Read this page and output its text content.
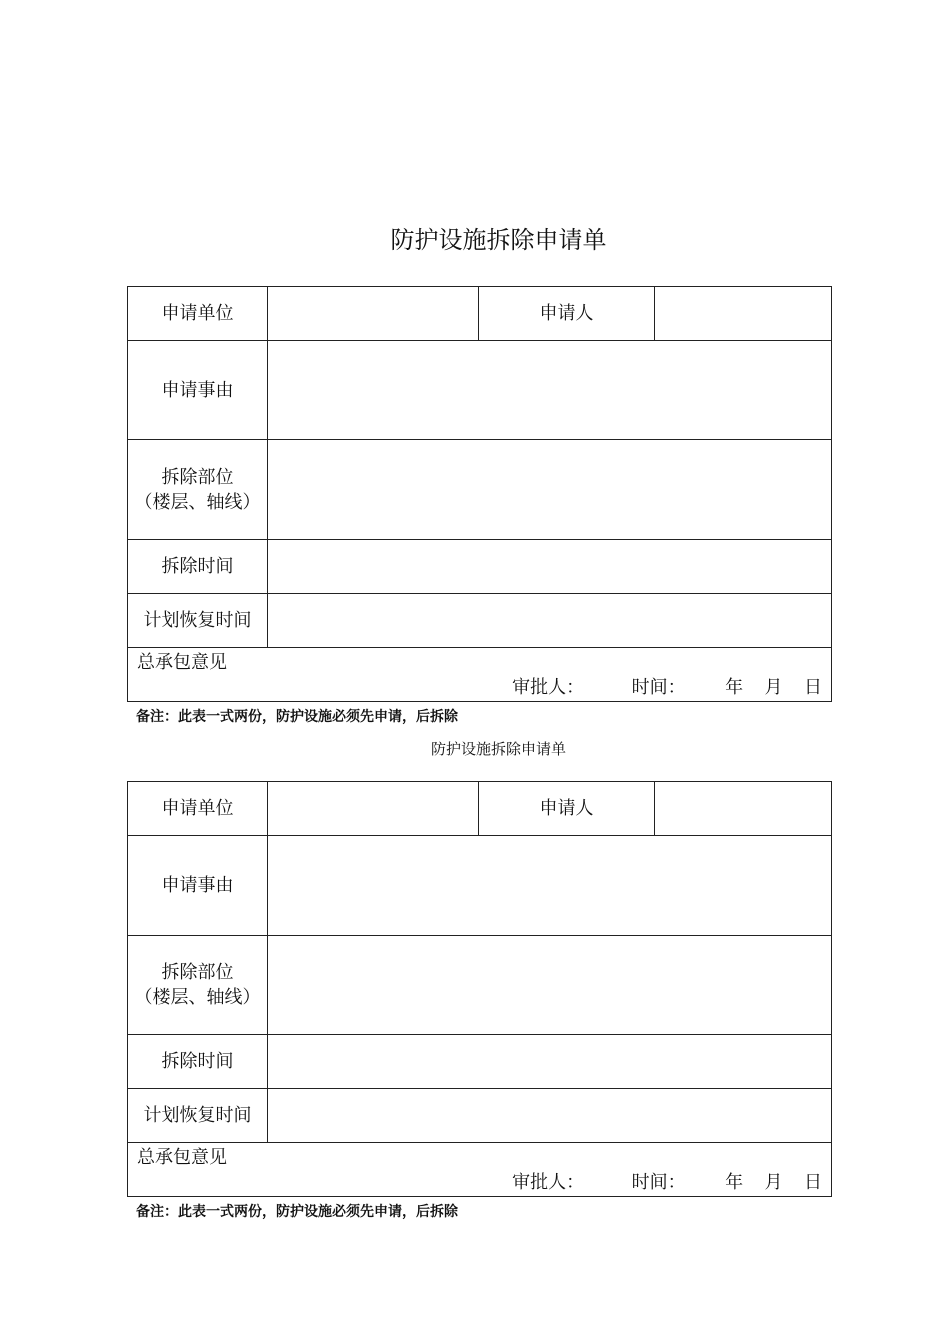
防护设施拆除申请单
申请单位		申请人	
申请事由			

拆除部位
（楼层、轴线）			

拆除时间			
计划恢复时间			

总承包意见
审批人： 时间： 年 月 日			
备注：此表一式两份，防护设施必须先申请，后拆除
防护设施拆除申请单
申请单位		申请人	
申请事由			

拆除部位
（楼层、轴线）			

拆除时间			
计划恢复时间			

总承包意见
审批人： 时间： 年 月 日			
备注：此表一式两份，防护设施必须先申请，后拆除
